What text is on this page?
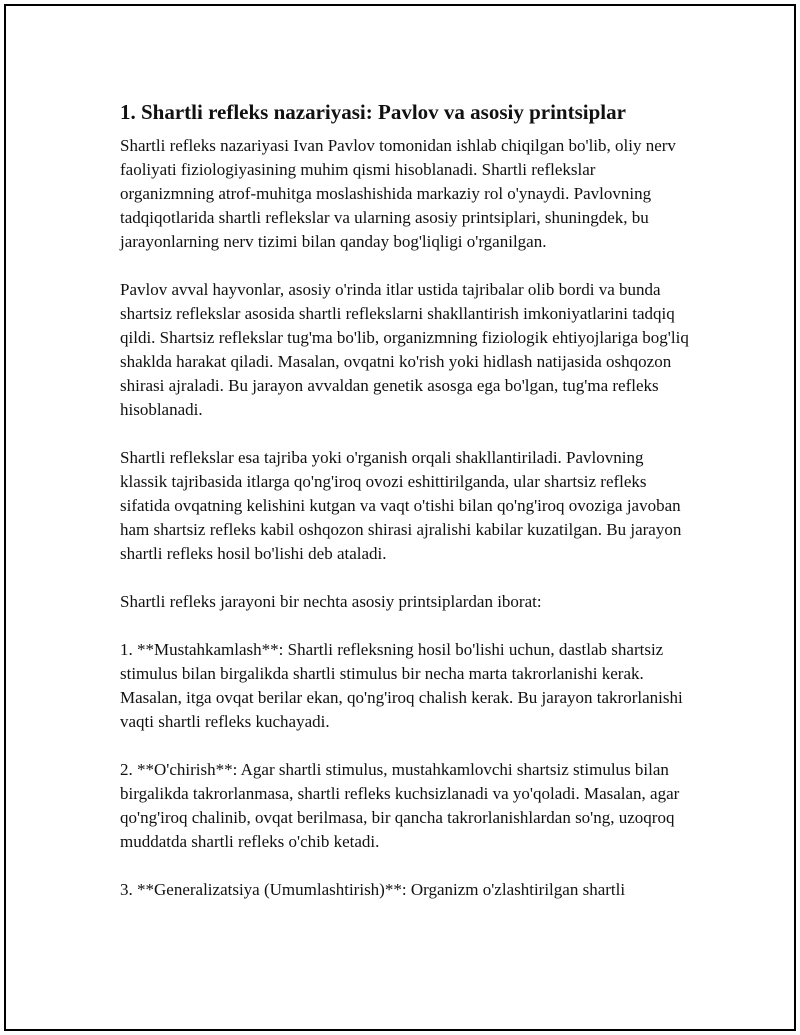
1. Shartli refleks nazariyasi: Pavlov va asosiy printsiplar

Shartli refleks nazariyasi Ivan Pavlov tomonidan ishlab chiqilgan bo'lib, oliy nerv faoliyati fiziologiyasining muhim qismi hisoblanadi. Shartli reflekslar organizmning atrof-muhitga moslashishida markaziy rol o'ynaydi. Pavlovning tadqiqotlarida shartli reflekslar va ularning asosiy printsiplari, shuningdek, bu jarayonlarning nerv tizimi bilan qanday bog'liqligi o'rganilgan.

Pavlov avval hayvonlar, asosiy o'rinda itlar ustida tajribalar olib bordi va bunda shartsiz reflekslar asosida shartli reflekslarni shakllantirish imkoniyatlarini tadqiq qildi. Shartsiz reflekslar tug'ma bo'lib, organizmning fiziologik ehtiyojlariga bog'liq shaklda harakat qiladi. Masalan, ovqatni ko'rish yoki hidlash natijasida oshqozon shirasi ajraladi. Bu jarayon avvaldan genetik asosga ega bo'lgan, tug'ma refleks hisoblanadi.

Shartli reflekslar esa tajriba yoki o'rganish orqali shakllantiriladi. Pavlovning klassik tajribasida itlarga qo'ng'iroq ovozi eshittirilganda, ular shartsiz refleks sifatida ovqatning kelishini kutgan va vaqt o'tishi bilan qo'ng'iroq ovoziga javoban ham shartsiz refleks kabil oshqozon shirasi ajralishi kabilar kuzatilgan. Bu jarayon shartli refleks hosil bo'lishi deb ataladi.

Shartli refleks jarayoni bir nechta asosiy printsiplardan iborat:

1. **Mustahkamlash**: Shartli refleksning hosil bo'lishi uchun, dastlab shartsiz stimulus bilan birgalikda shartli stimulus bir necha marta takrorlanishi kerak. Masalan, itga ovqat berilar ekan, qo'ng'iroq chalish kerak. Bu jarayon takrorlanishi vaqti shartli refleks kuchayadi.

2. **O'chirish**: Agar shartli stimulus, mustahkamlovchi shartsiz stimulus bilan birgalikda takrorlanmasa, shartli refleks kuchsizlanadi va yo'qoladi. Masalan, agar qo'ng'iroq chalinib, ovqat berilmasa, bir qancha takrorlanishlardan so'ng, uzoqroq muddatda shartli refleks o'chib ketadi.

3. **Generalizatsiya (Umumlashtirish)**: Organizm o'zlashtirilgan shartli
